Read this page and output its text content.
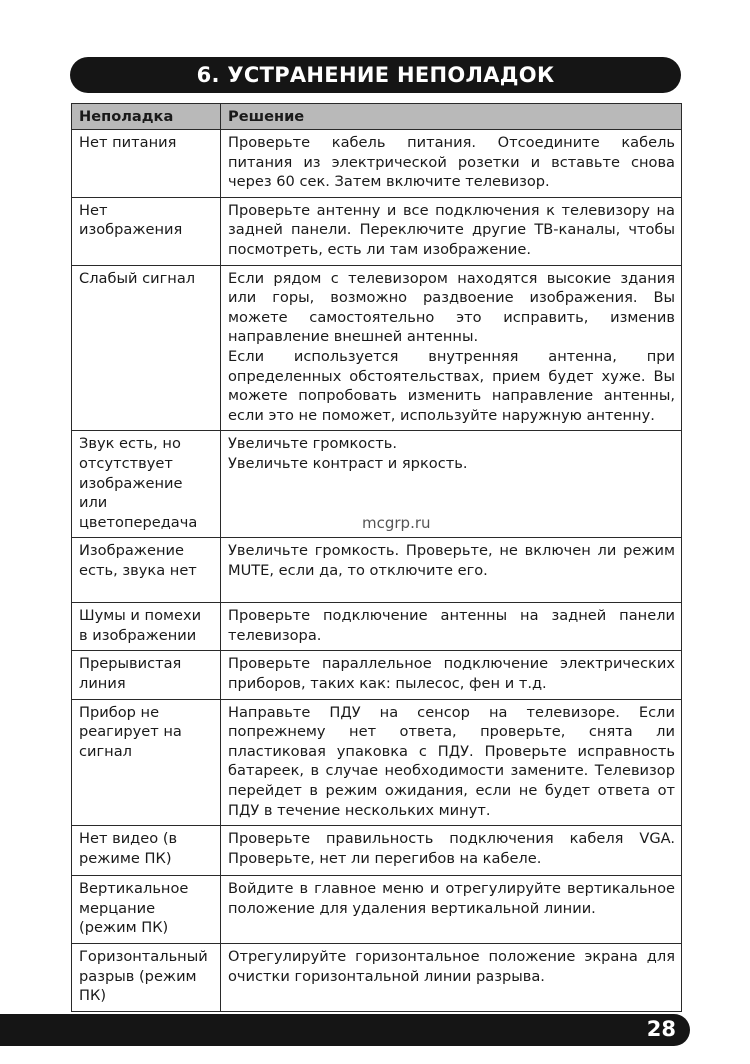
6. УСТРАНЕНИЕ НЕПОЛАДОК
Неполадка	Решение
Нет питания	Проверьте кабель питания. Отсоедините кабель питания из электрической розетки и вставьте снова через 60 сек. Затем включите телевизор.

Нет изображения	Проверьте антенну и все подключения к телевизору на задней панели. Переключите другие ТВ-каналы, чтобы посмотреть, есть ли там изображение.

Слабый сигнал	Если рядом с телевизором находятся высокие здания или горы, возможно раздвоение изображения. Вы можете самостоятельно это исправить, изменив направление внешней антенны.
Если используется внутренняя антенна, при определенных обстоятельствах, прием будет хуже. Вы можете попробовать изменить направление антенны, если это не поможет, используйте наружную антенну.

Звук есть, но отсутствует изображение или цветопередача	Увеличьте громкость.
Увеличьте контраст и яркость.

Изображение есть, звука нет	Увеличьте громкость. Проверьте, не включен ли режим MUTE, если да, то отключите его.

Шумы и помехи в изображении	Проверьте подключение антенны на задней панели телевизора.

Прерывистая линия	Проверьте параллельное подключение электрических приборов, таких как: пылесос, фен и т.д.

Прибор не реагирует на сигнал	Направьте ПДУ на сенсор на телевизоре. Если попрежнему нет ответа, проверьте, снята ли пластиковая упаковка с ПДУ. Проверьте исправность батареек, в случае необходимости замените. Телевизор перейдет в режим ожидания, если не будет ответа от ПДУ в течение нескольких минут.

Нет видео (в режиме ПК)	Проверьте правильность подключения кабеля VGA. Проверьте, нет ли перегибов на кабеле.

Вертикальное мерцание (режим ПК)	Войдите в главное меню и отрегулируйте вертикальное положение для удаления вертикальной линии.

Горизонтальный разрыв (режим ПК)	Отрегулируйте горизонтальное положение экрана для очистки горизонтальной линии разрыва.
mcgrp.ru
28
